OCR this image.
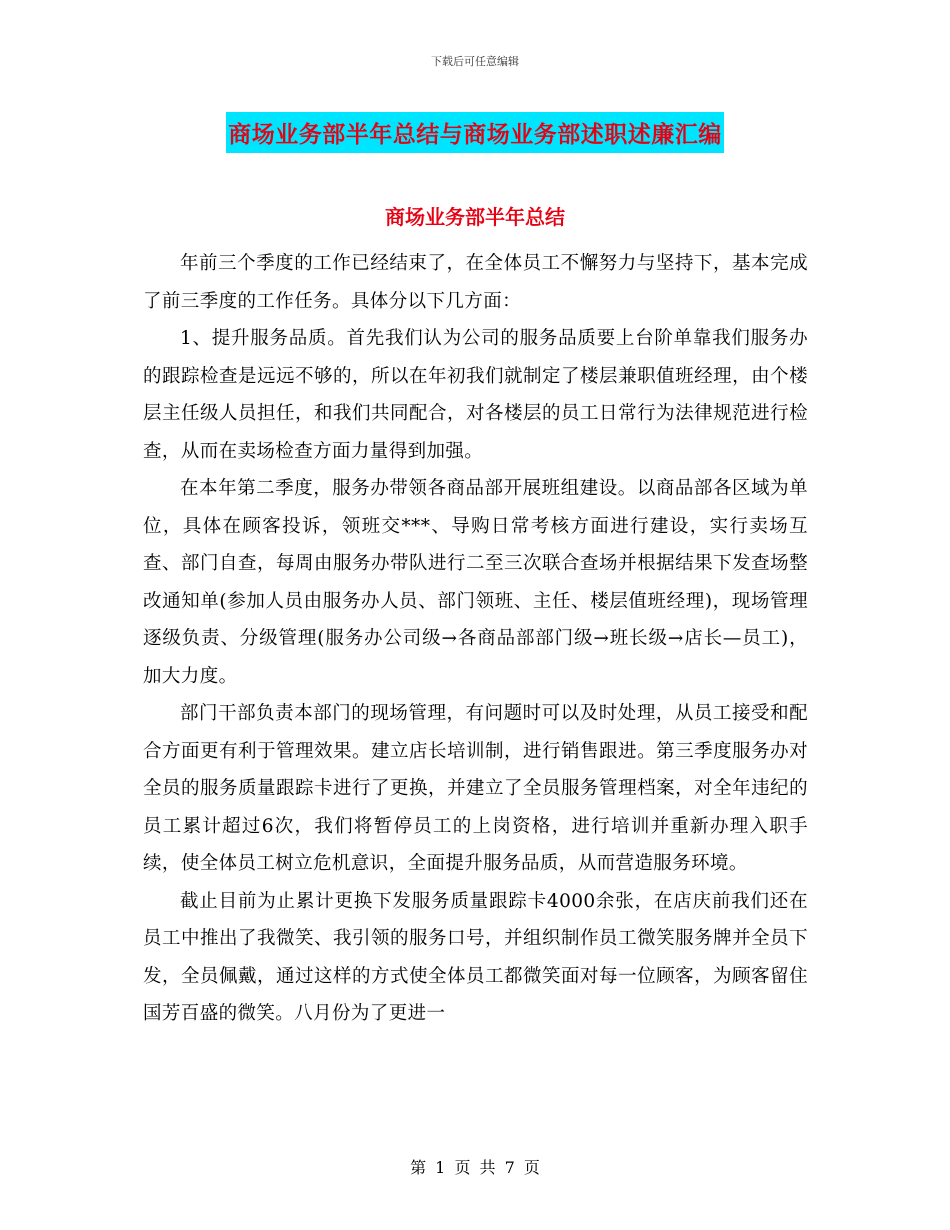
下载后可任意编辑
商场业务部半年总结与商场业务部述职述廉汇编
商场业务部半年总结

年前三个季度的工作已经结束了，在全体员工不懈努力与坚持下，基本完成了前三季度的工作任务。具体分以下几方面：

1、提升服务品质。首先我们认为公司的服务品质要上台阶单靠我们服务办的跟踪检查是远远不够的，所以在年初我们就制定了楼层兼职值班经理，由个楼层主任级人员担任，和我们共同配合，对各楼层的员工日常行为法律规范进行检查，从而在卖场检查方面力量得到加强。

在本年第二季度，服务办带领各商品部开展班组建设。以商品部各区域为单位，具体在顾客投诉，领班交***、导购日常考核方面进行建设，实行卖场互查、部门自查，每周由服务办带队进行二至三次联合查场并根据结果下发查场整改通知单(参加人员由服务办人员、部门领班、主任、楼层值班经理)，现场管理逐级负责、分级管理(服务办公司级→各商品部部门级→班长级→店长—员工)，加大力度。

部门干部负责本部门的现场管理，有问题时可以及时处理，从员工接受和配合方面更有利于管理效果。建立店长培训制，进行销售跟进。第三季度服务办对全员的服务质量跟踪卡进行了更换，并建立了全员服务管理档案，对全年违纪的员工累计超过6次，我们将暂停员工的上岗资格，进行培训并重新办理入职手续，使全体员工树立危机意识，全面提升服务品质，从而营造服务环境。

截止目前为止累计更换下发服务质量跟踪卡4000余张，在店庆前我们还在员工中推出了我微笑、我引领的服务口号，并组织制作员工微笑服务牌并全员下发，全员佩戴，通过这样的方式使全体员工都微笑面对每一位顾客，为顾客留住国芳百盛的微笑。八月份为了更进一

第 1 页 共 7 页
